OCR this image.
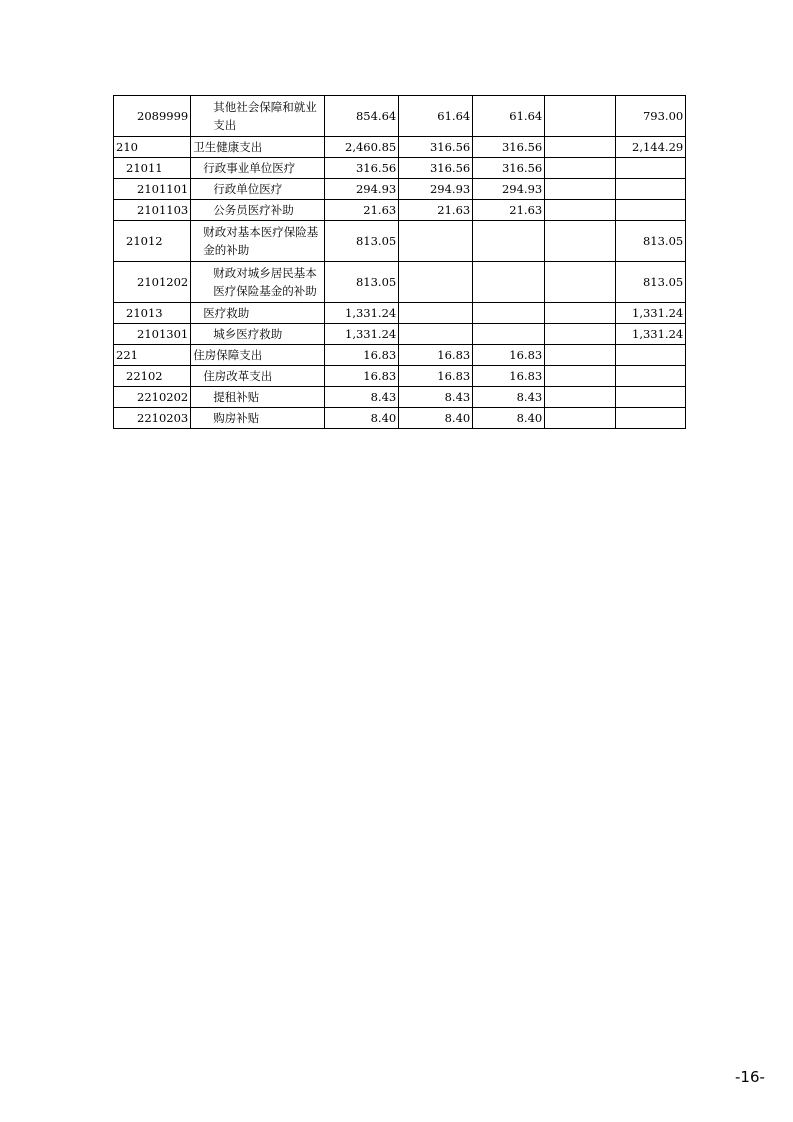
2089999	其他社会保障和就业支出	854.64	61.64	61.64		793.00
210	卫生健康支出	2,460.85	316.56	316.56		2,144.29
21011	行政事业单位医疗	316.56	316.56	316.56		
2101101	行政单位医疗	294.93	294.93	294.93		
2101103	公务员医疗补助	21.63	21.63	21.63		
21012	财政对基本医疗保险基金的补助	813.05				813.05
2101202	财政对城乡居民基本医疗保险基金的补助	813.05				813.05
21013	医疗救助	1,331.24				1,331.24
2101301	城乡医疗救助	1,331.24				1,331.24
221	住房保障支出	16.83	16.83	16.83		
22102	住房改革支出	16.83	16.83	16.83		
2210202	提租补贴	8.43	8.43	8.43		
2210203	购房补贴	8.40	8.40	8.40		
-16-
